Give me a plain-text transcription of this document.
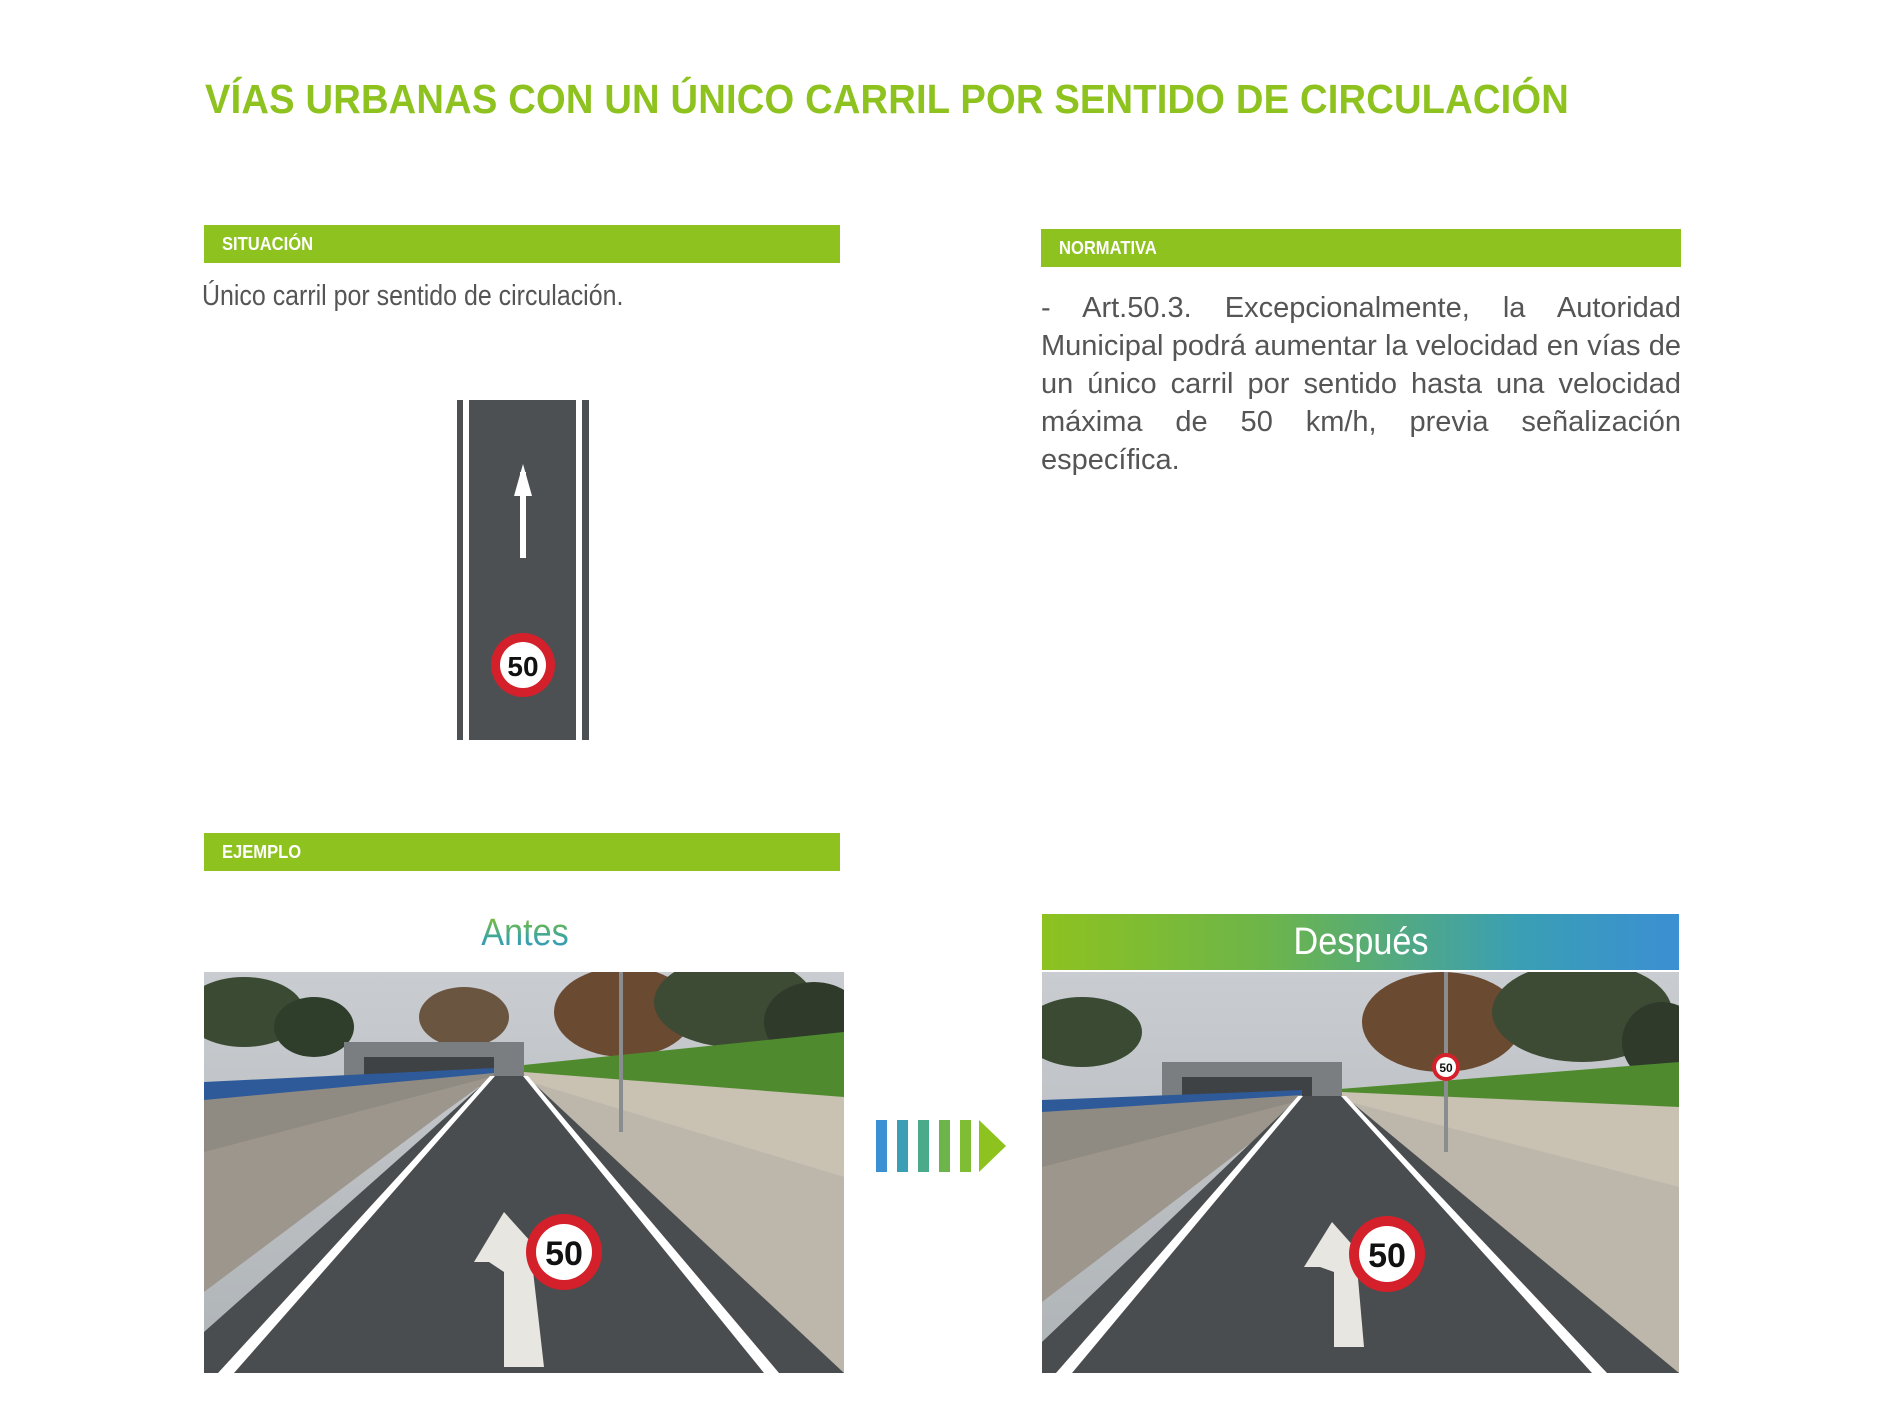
VÍAS URBANAS CON UN ÚNICO CARRIL POR SENTIDO DE CIRCULACIÓN
SITUACIÓN
Único carril por sentido de circulación.
50
NORMATIVA
- Art.50.3. Excepcionalmente, la Autoridad Municipal podrá aumentar la velocidad en vías de un único carril por sentido hasta una velocidad máxima de 50 km/h, previa señalización específica.
EJEMPLO
Antes	Después
50
50
50
